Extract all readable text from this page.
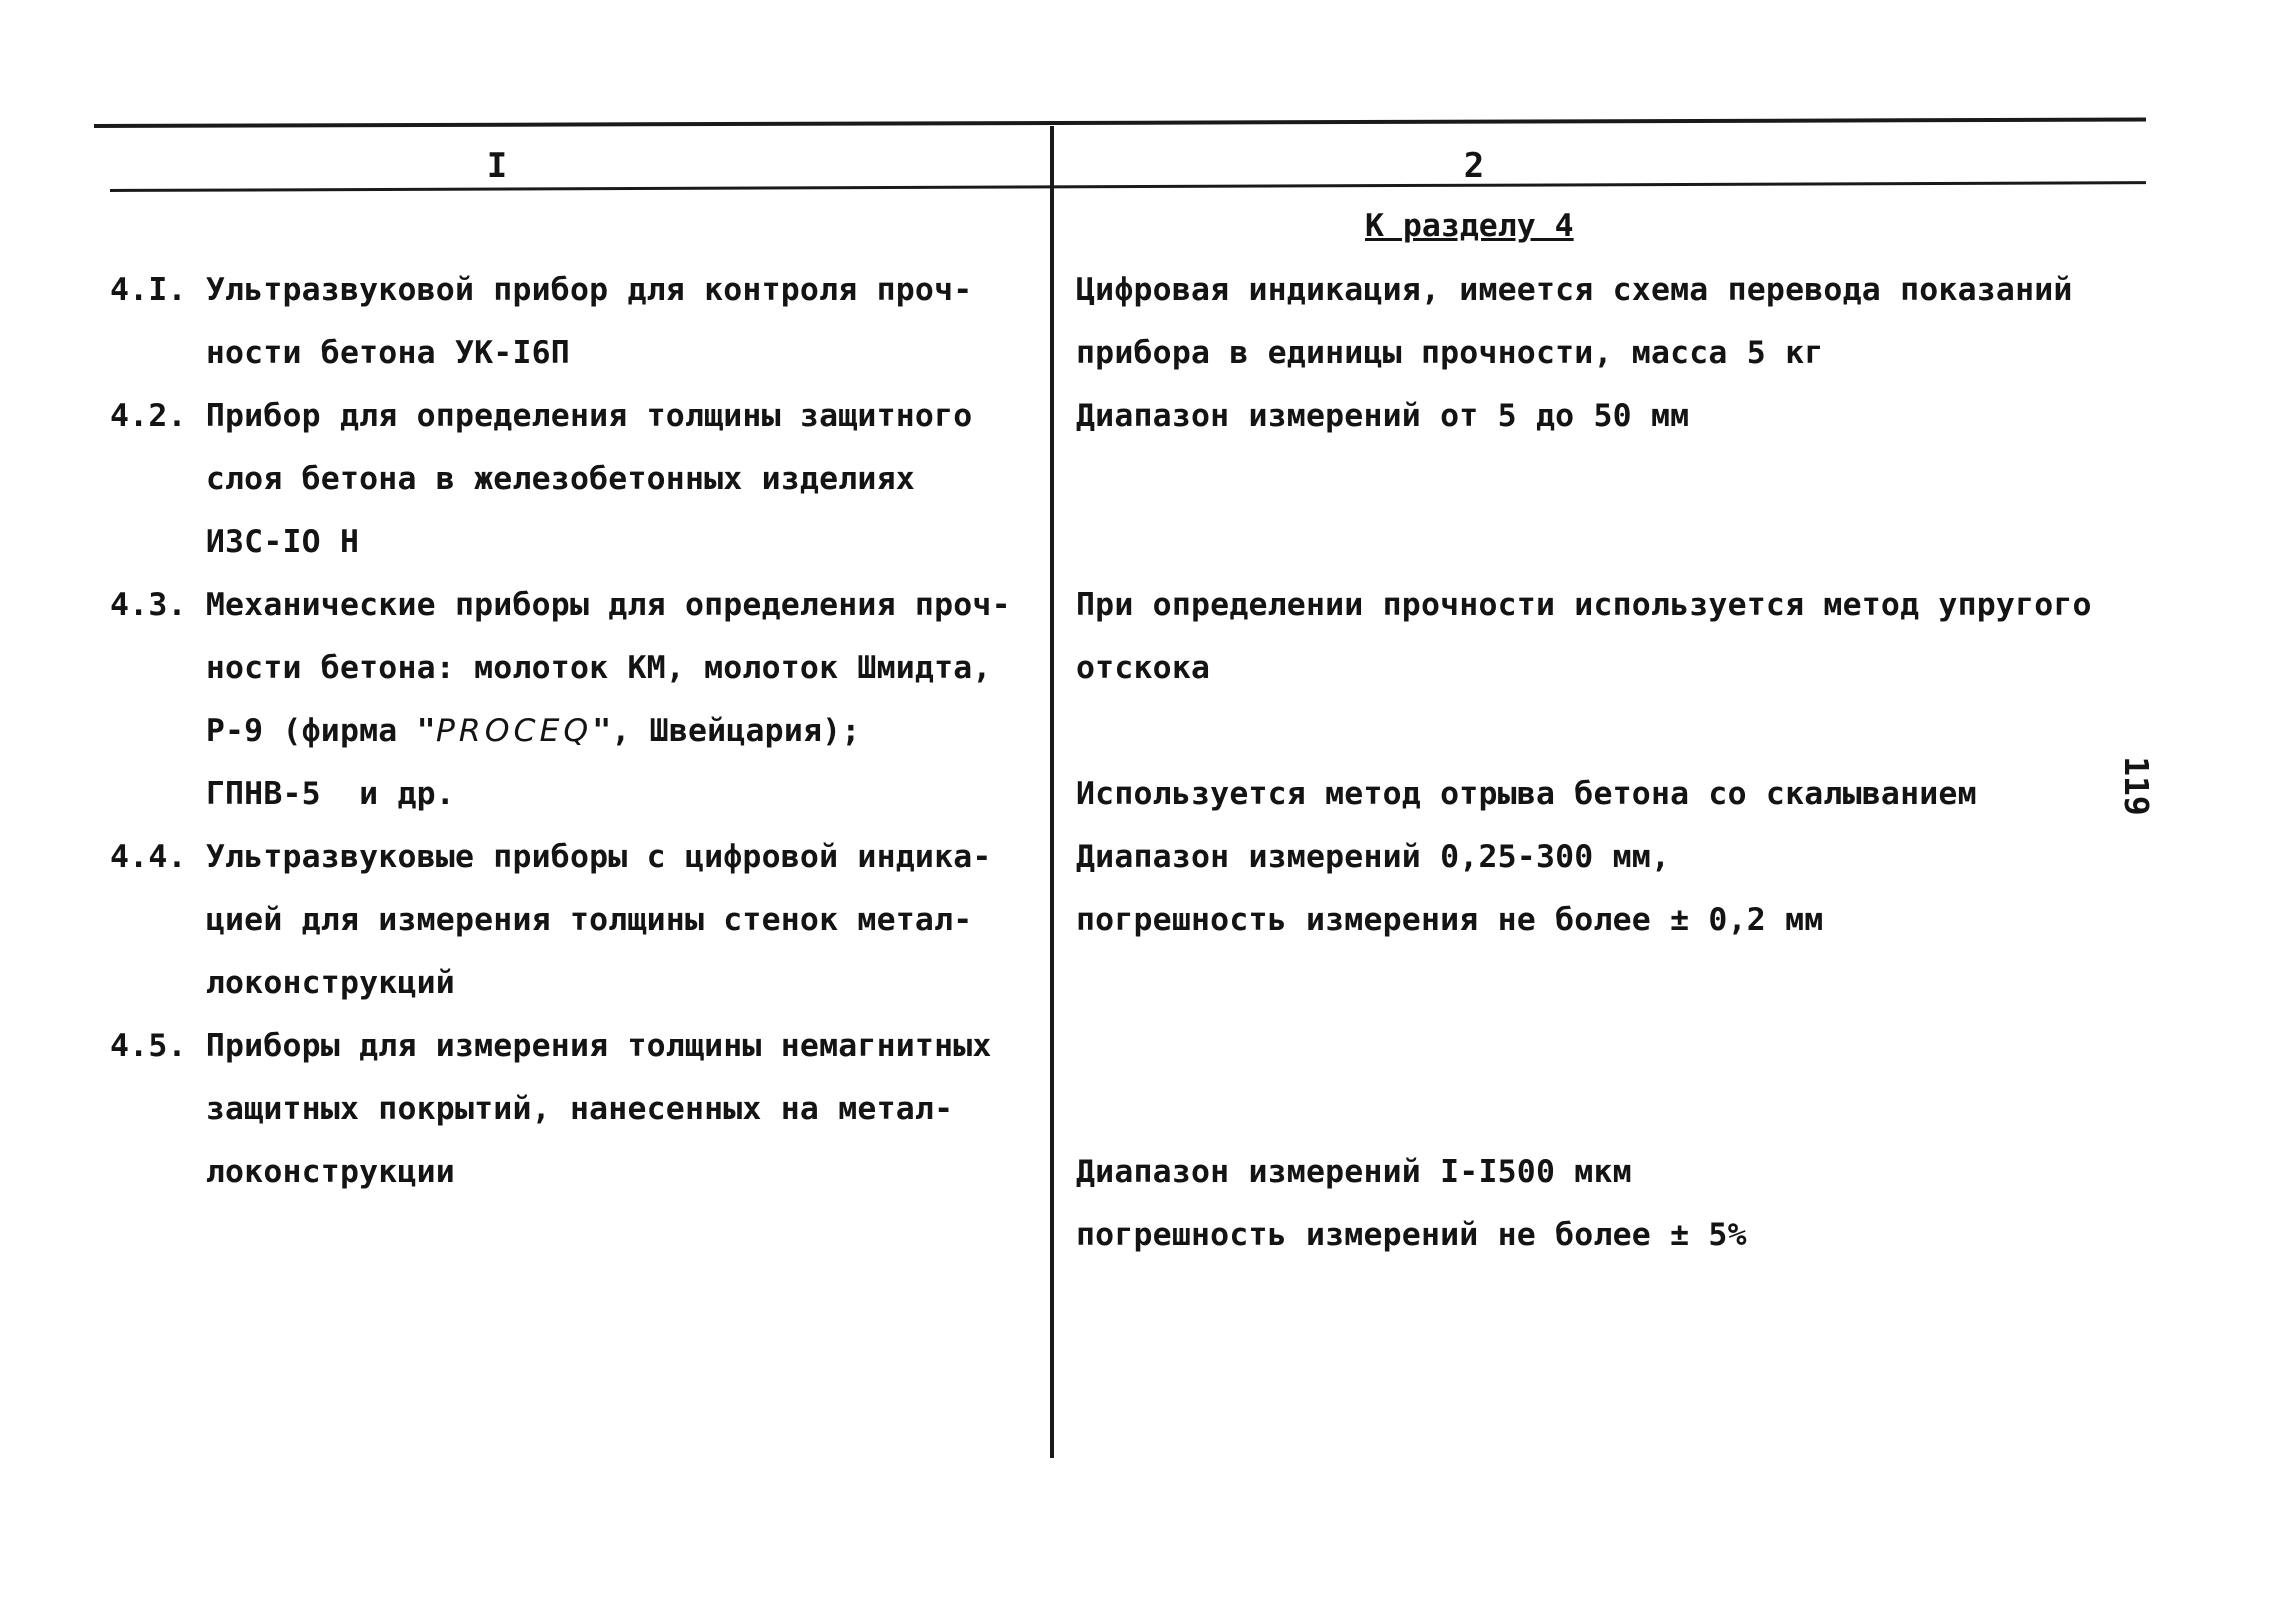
I	2
К разделу 4
4.I. Ультразвуковой прибор для контроля проч-
ности бетона УК-I6П
4.2. Прибор для определения толщины защитного
слоя бетона в железобетонных изделиях
ИЗС-IO Н
4.3. Механические приборы для определения проч-
ности бетона: молоток КМ, молоток Шмидта,
Р-9 (фирма "PROCEQ", Швейцария);
ГПНВ-5  и др.
4.4. Ультразвуковые приборы с цифровой индика-
цией для измерения толщины стенок метал-
локонструкций
4.5. Приборы для измерения толщины немагнитных
защитных покрытий, нанесенных на метал-
локонструкции
Цифровая индикация, имеется схема перевода показаний
прибора в единицы прочности, масса 5 кг
Диапазон измерений от 5 до 50 мм
При определении прочности используется метод упругого
отскока
Используется метод отрыва бетона со скалыванием
Диапазон измерений 0,25-300 мм,
погрешность измерения не более ± 0,2 мм
Диапазон измерений I-I500 мкм
погрешность измерений не более ± 5%
119
